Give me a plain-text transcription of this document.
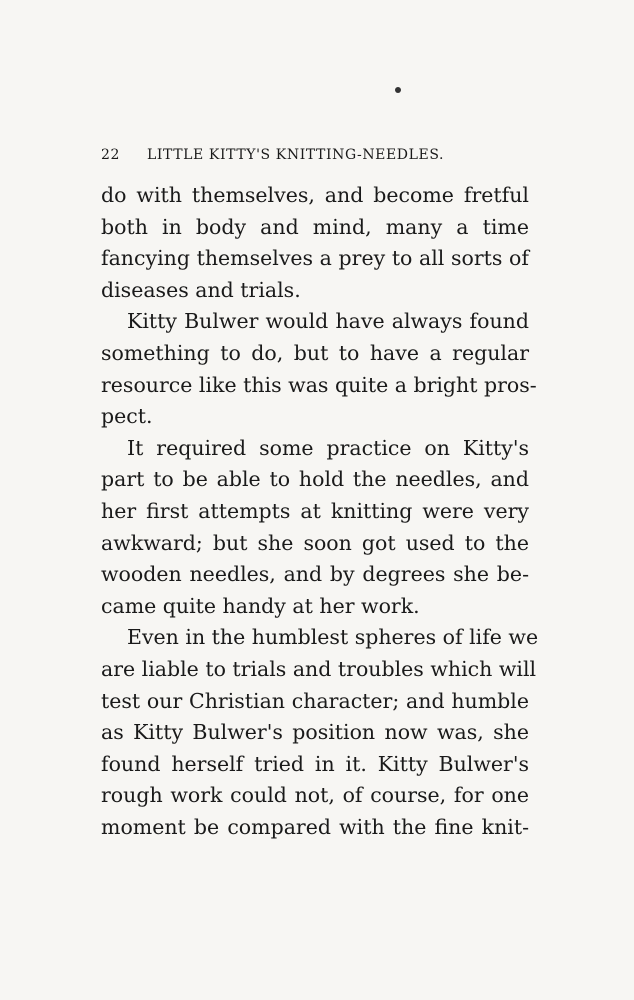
22 LITTLE KITTY'S KNITTING-NEEDLES.
do with themselves, and become fretful
both in body and mind, many a time
fancying themselves a prey to all sorts of
diseases and trials.
Kitty Bulwer would have always found
something to do, but to have a regular
resource like this was quite a bright pros-
pect.
It required some practice on Kitty's
part to be able to hold the needles, and
her first attempts at knitting were very
awkward; but she soon got used to the
wooden needles, and by degrees she be-
came quite handy at her work.
Even in the humblest spheres of life we
are liable to trials and troubles which will
test our Christian character; and humble
as Kitty Bulwer's position now was, she
found herself tried in it. Kitty Bulwer's
rough work could not, of course, for one
moment be compared with the fine knit-
